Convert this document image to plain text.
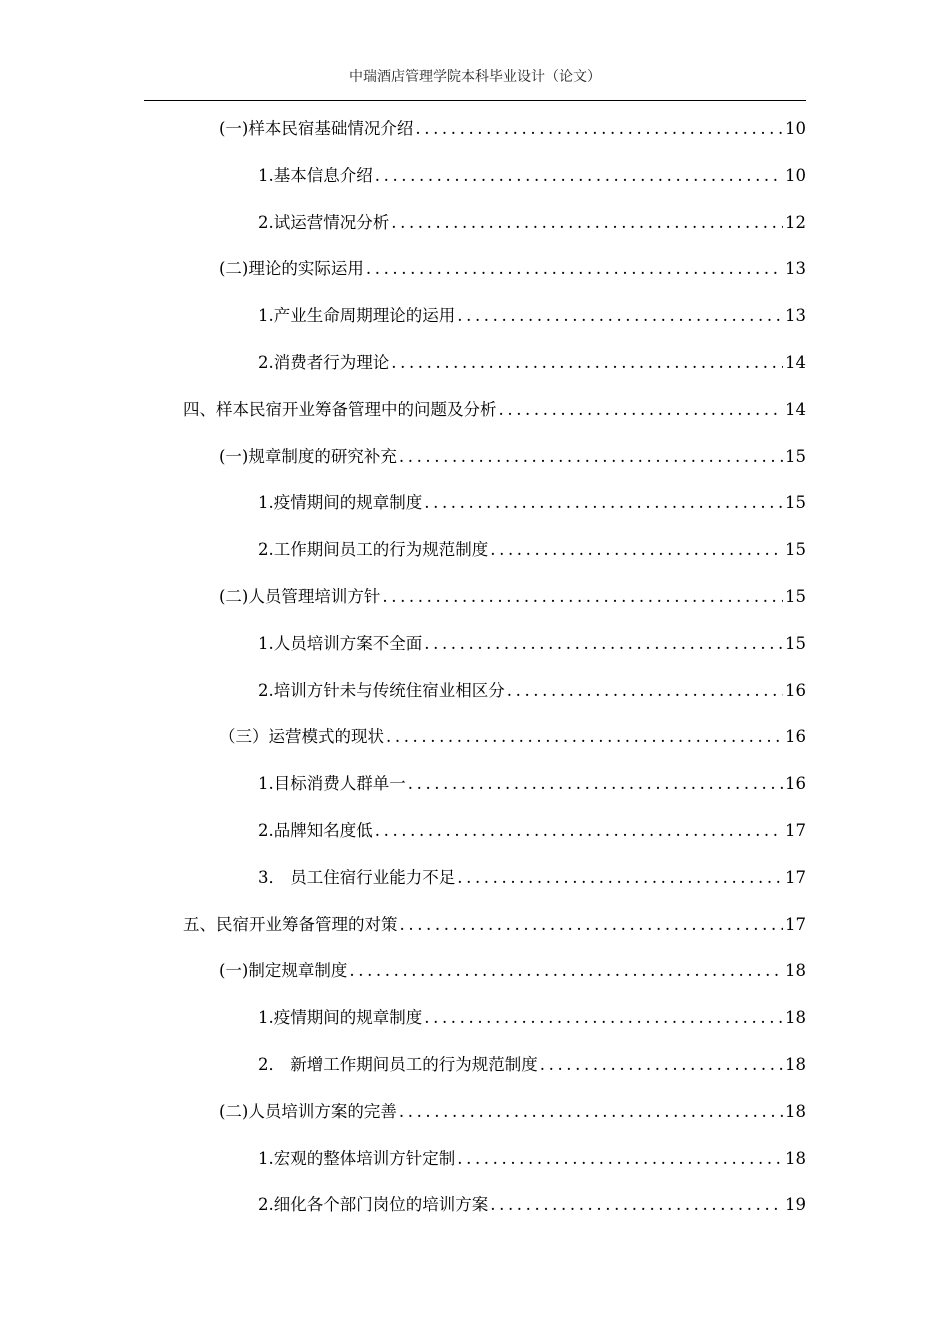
中瑞酒店管理学院本科毕业设计（论文）
(一)样本民宿基础情况介绍 .....	10
1.基本信息介绍 .....	10
2.试运营情况分析 .....	12
(二)理论的实际运用 .....	13
1.产业生命周期理论的运用 .....	13
2.消费者行为理论 .....	14
四、样本民宿开业筹备管理中的问题及分析 .....	14
(一)规章制度的研究补充 .....	15
1.疫情期间的规章制度 .....	15
2.工作期间员工的行为规范制度 .....	15
(二)人员管理培训方针 .....	15
1.人员培训方案不全面 .....	15
2.培训方针未与传统住宿业相区分 .....	16
（三）运营模式的现状 .....	16
1.目标消费人群单一 .....	16
2.品牌知名度低 .....	17
3． 员工住宿行业能力不足 .....	17
五、民宿开业筹备管理的对策 .....	17
(一)制定规章制度 .....	18
1.疫情期间的规章制度 .....	18
2． 新增工作期间员工的行为规范制度 .....	18
(二)人员培训方案的完善 .....	18
1.宏观的整体培训方针定制 .....	18
2.细化各个部门岗位的培训方案 .....	19
